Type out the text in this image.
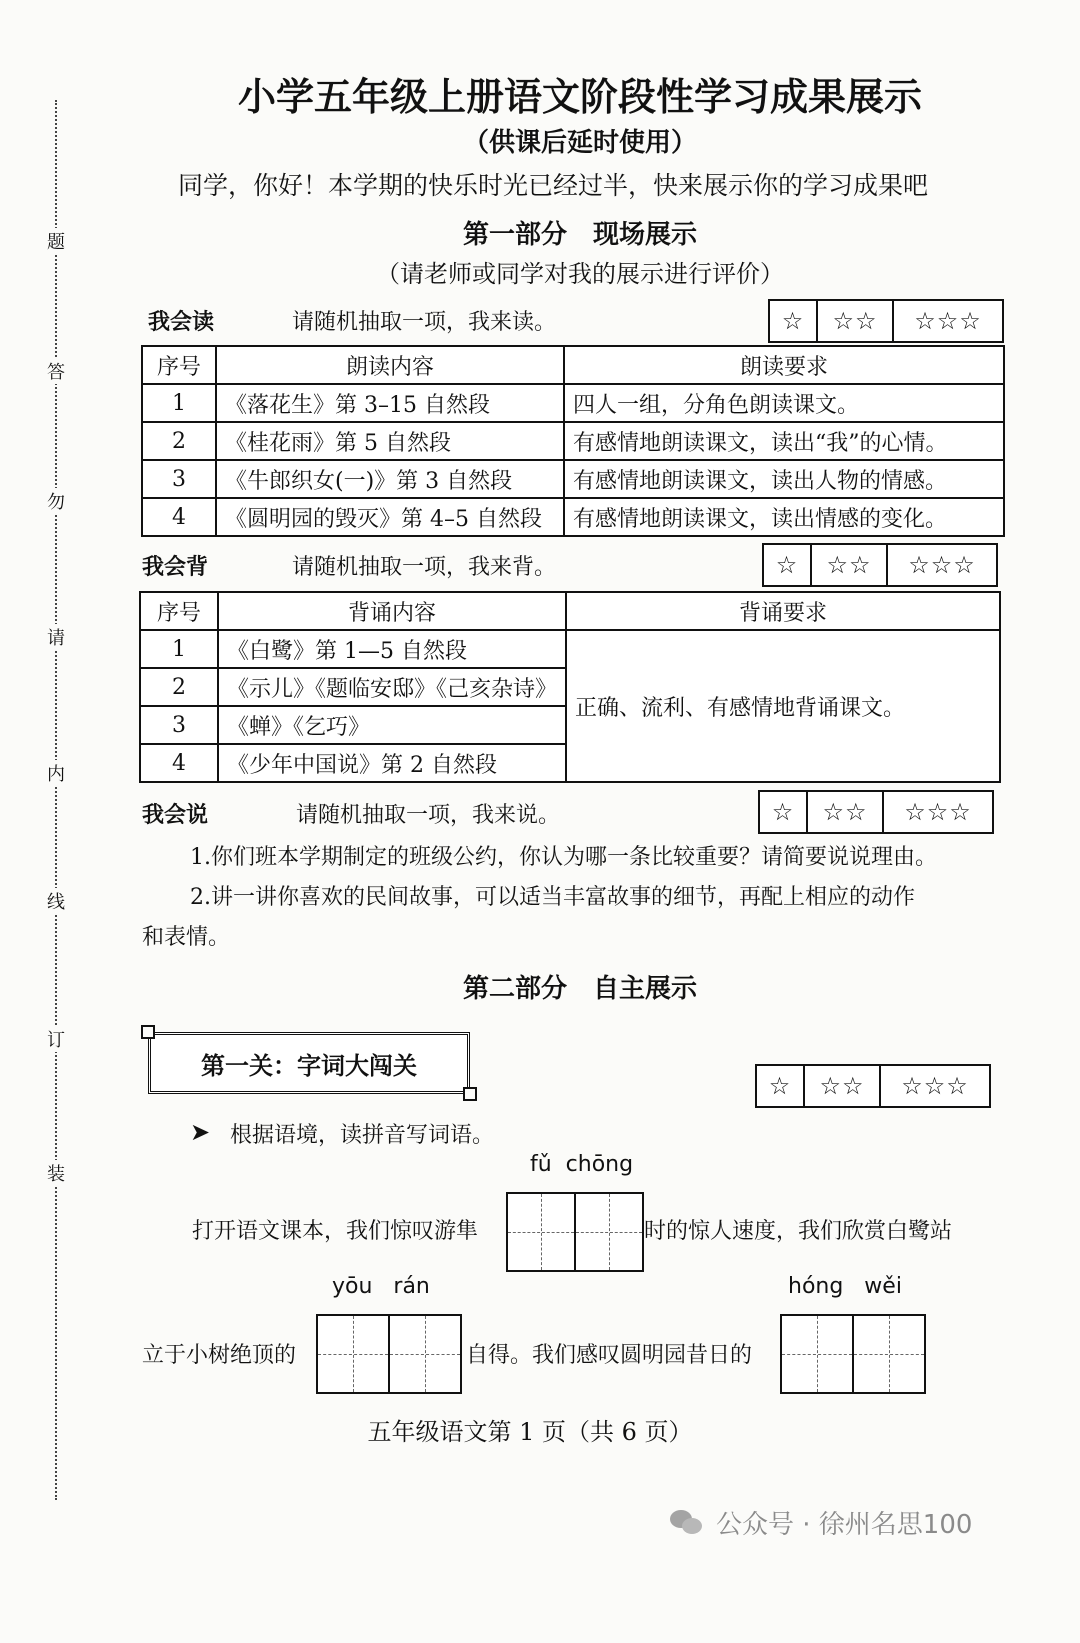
题
答
勿
请
内
线
订
装
小学五年级上册语文阶段性学习成果展示
（供课后延时使用）
同学，你好！本学期的快乐时光已经过半，快来展示你的学习成果吧
第一部分　现场展示
（请老师或同学对我的展示进行评价）
我会读	请随机抽取一项，我来读。	☆	☆☆	☆☆☆
序号	朗读内容	朗读要求
1	《落花生》第 3–15 自然段	四人一组，分角色朗读课文。
2	《桂花雨》第 5 自然段	有感情地朗读课文，读出“我”的心情。
3	《牛郎织女(一)》第 3 自然段	有感情地朗读课文，读出人物的情感。
4	《圆明园的毁灭》第 4–5 自然段	有感情地朗读课文，读出情感的变化。
我会背	请随机抽取一项，我来背。	☆	☆☆	☆☆☆
序号	背诵内容	背诵要求
1	《白鹭》第 1—5 自然段	正确、流利、有感情地背诵课文。
2	《示儿》《题临安邸》《己亥杂诗》	
3	《蝉》《乞巧》	
4	《少年中国说》第 2 自然段	
我会说	请随机抽取一项，我来说。	☆	☆☆	☆☆☆
1.你们班本学期制定的班级公约，你认为哪一条比较重要？请简要说说理由。
2.讲一讲你喜欢的民间故事，可以适当丰富故事的细节，再配上相应的动作
和表情。
第二部分　自主展示
第一关：字词大闯关
☆	☆☆	☆☆☆
➤ 根据语境，读拼音写词语。
fǔ  chōng
打开语文课本，我们惊叹游隼	时的惊人速度，我们欣赏白鹭站
yōu   rán	hóng   wěi
立于小树绝顶的	自得。我们感叹圆明园昔日的
五年级语文第 1 页（共 6 页）
公众号 · 徐州名思100
